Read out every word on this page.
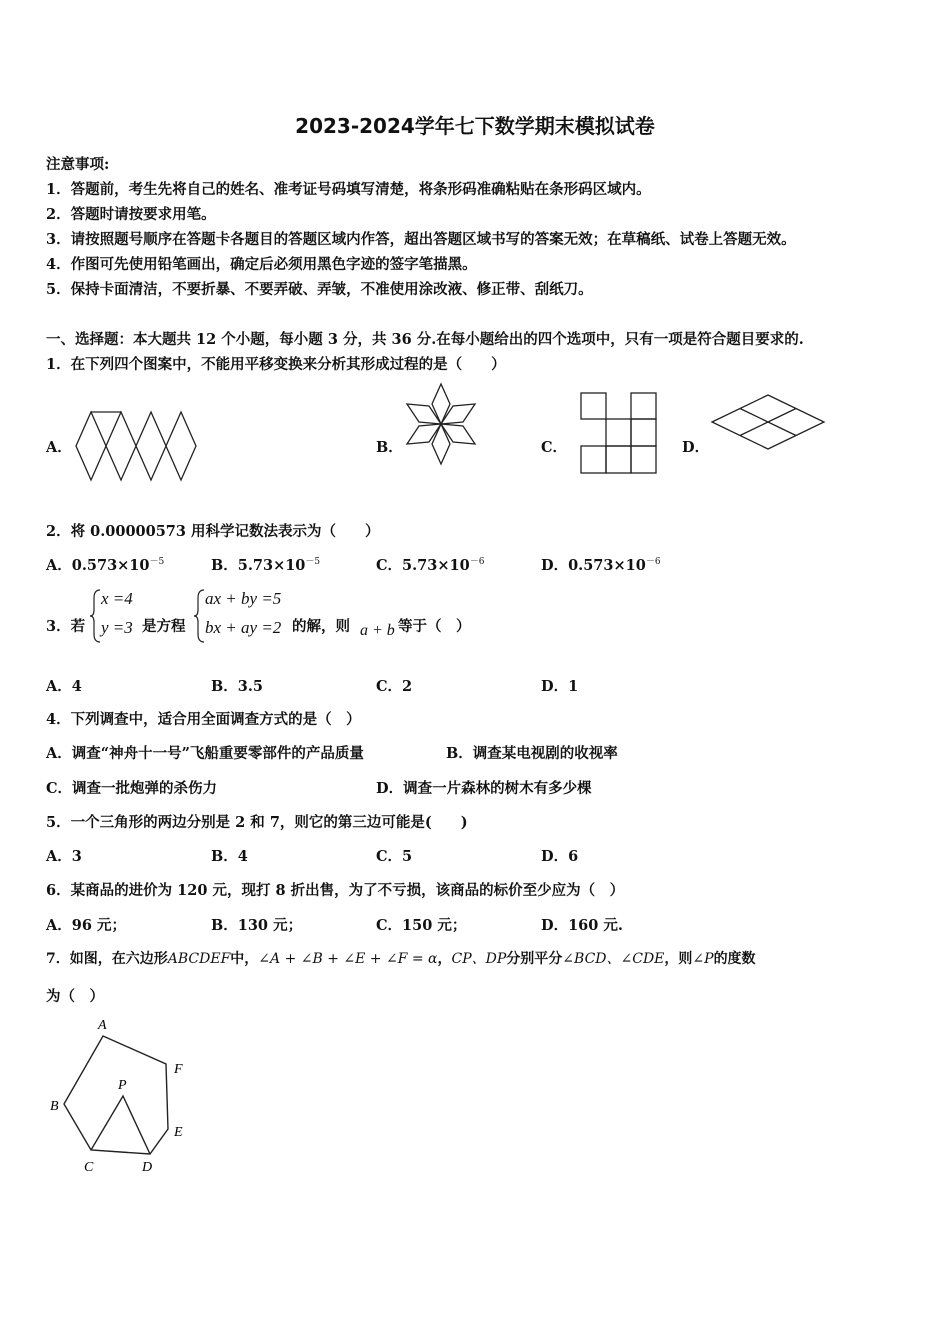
2023-2024学年七下数学期末模拟试卷
注意事项:
1．答题前，考生先将自己的姓名、准考证号码填写清楚，将条形码准确粘贴在条形码区域内。
2．答题时请按要求用笔。
3．请按照题号顺序在答题卡各题目的答题区域内作答，超出答题区域书写的答案无效；在草稿纸、试卷上答题无效。
4．作图可先使用铅笔画出，确定后必须用黑色字迹的签字笔描黑。
5．保持卡面清洁，不要折暴、不要弄破、弄皱，不准使用涂改液、修正带、刮纸刀。
一、选择题：本大题共 12 个小题，每小题 3 分，共 36 分.在每小题给出的四个选项中，只有一项是符合题目要求的.
1．在下列四个图案中，不能用平移变换来分析其形成过程的是（　　）
A．	B．	C．	D．
2．将 0.00000573 用科学记数法表示为（　　）
A．$0.573\times 10^{-5}$	B．$5.73\times 10^{-5}$	C．$5.73\times 10^{-6}$	D．$0.573\times 10^{-6}$
3．若
x =4
y =3 是方程
ax + by =5
bx + ay =2 的解，则 a + b 等于（　）
A．4	B．3.5	C．2	D．1
4．下列调查中，适合用全面调查方式的是（　）
A．调查“神舟十一号”飞船重要零部件的产品质量	B．调查某电视剧的收视率
C．调查一批炮弹的杀伤力	D．调查一片森林的树木有多少棵
5．一个三角形的两边分别是 2 和 7，则它的第三边可能是(　　)
A．3	B．4	C．5	D．6
6．某商品的进价为 120 元，现打 8 折出售，为了不亏损，该商品的标价至少应为（　）
A．96 元；	B．130 元；	C．150 元；	D．160 元.
7．如图，在六边形ABCDEF中，∠A + ∠B + ∠E + ∠F = α，CP、DP分别平分∠BCD、∠CDE，则∠P的度数
为（　）
A
B
C	D
E
F
P
